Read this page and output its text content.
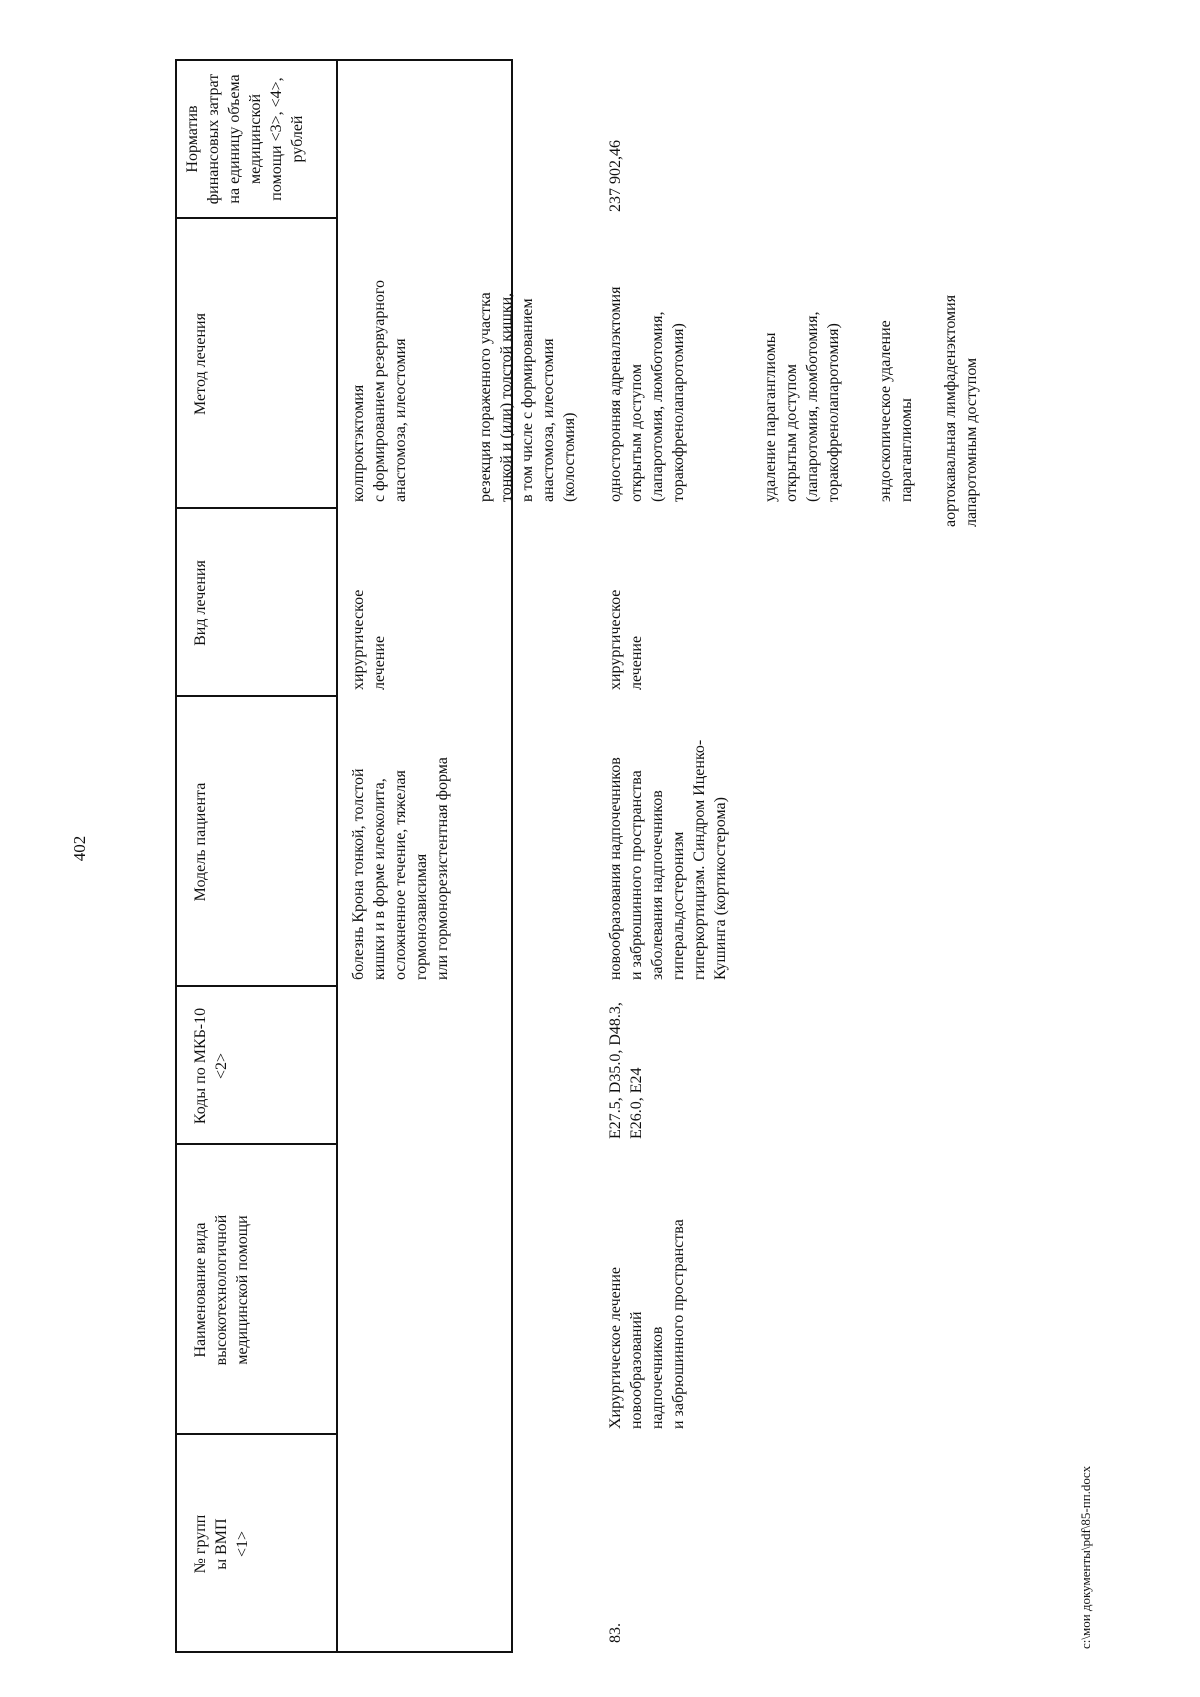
402
№ групп ы ВМП <1>
Наименование вида высокотехнологичной медицинской помощи
Коды по МКБ-10 <2>
Модель пациента
Вид лечения
Метод лечения
Норматив финансовых затрат на единицу объема медицинской помощи <3>, <4>, рублей
болезнь Крона тонкой, толстой кишки и в форме илеоколита, осложненное течение, тяжелая гормонозависимая или гормонорезистентная форма
хирургическое лечение
колпроктэктомия с формированием резервуарного анастомоза, илеостомия	резекция пораженного участка тонкой и (или) толстой кишки, в том числе с формированием анастомоза, илеостомия (колостомия)
83.
Хирургическое лечение новообразований надпочечников и забрюшинного пространства
E27.5, D35.0, D48.3, E26.0, E24
новообразования надпочечников и забрюшинного пространства заболевания надпочечников гиперальдостеронизм гиперкортицизм. Синдром Иценко- Кушинга (кортикостерома)
хирургическое лечение
односторонняя адреналэктомия открытым доступом (лапаротомия, люмботомия, торакофренолапаротомия)	удаление параганглиомы открытым доступом (лапаротомия, люмботомия, торакофренолапаротомия) эндоскопическое удаление параганглиомы аортокавальная лимфаденэктомия лапаротомным доступом
237 902,46
c:\мои документы\pdf\85-пп.docx
